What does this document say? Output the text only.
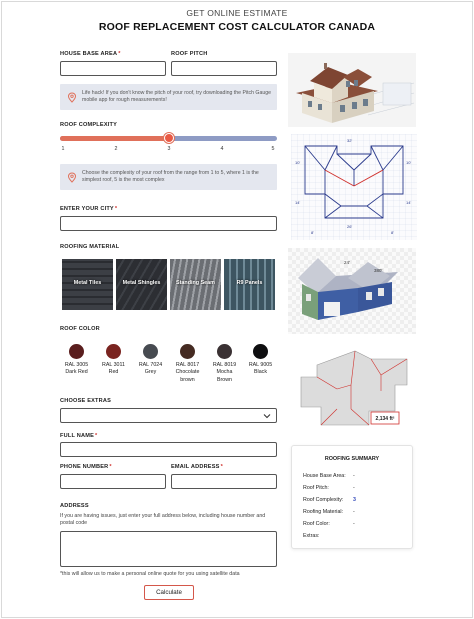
GET ONLINE ESTIMATE
ROOF REPLACEMENT COST CALCULATOR CANADA
HOUSE BASE AREA*	ROOF PITCH
Life hack! If you don't know the pitch of your roof, try downloading the Pitch Gauge mobile app for rough measurements!
ROOF COMPLEXITY
1	2	3	4	5
Choose the complexity of your roof from the range from 1 to 5, where 1 is the simplest roof, 5 is the most complex
ENTER YOUR CITY*
ROOFING MATERIAL
Metal Tiles	Metal Shingles	Standing Seam	R9 Panels
ROOF COLOR
RAL 3005
Dark Red
RAL 3011
Red
RAL 7024
Grey
RAL 8017
Chocolate
brown
RAL 8019
Mocha
Brown
RAL 9005
Black
CHOOSE EXTRAS
FULL NAME*
PHONE NUMBER*	EMAIL ADDRESS*
ADDRESS
If you are having issues, just enter your full address below, including house number and postal code
*this will allow us to make a personal online quote for you using satellite data
Calculate
10'	10'
32'
14'	14'
26'
8'	8'
24'
380'
2,134 ft²
ROOFING SUMMARY
House Base Area: -
Roof Pitch:	-
Roof Complexity: 3
Roofing Material: -
Roof Color:	-
Extras:
